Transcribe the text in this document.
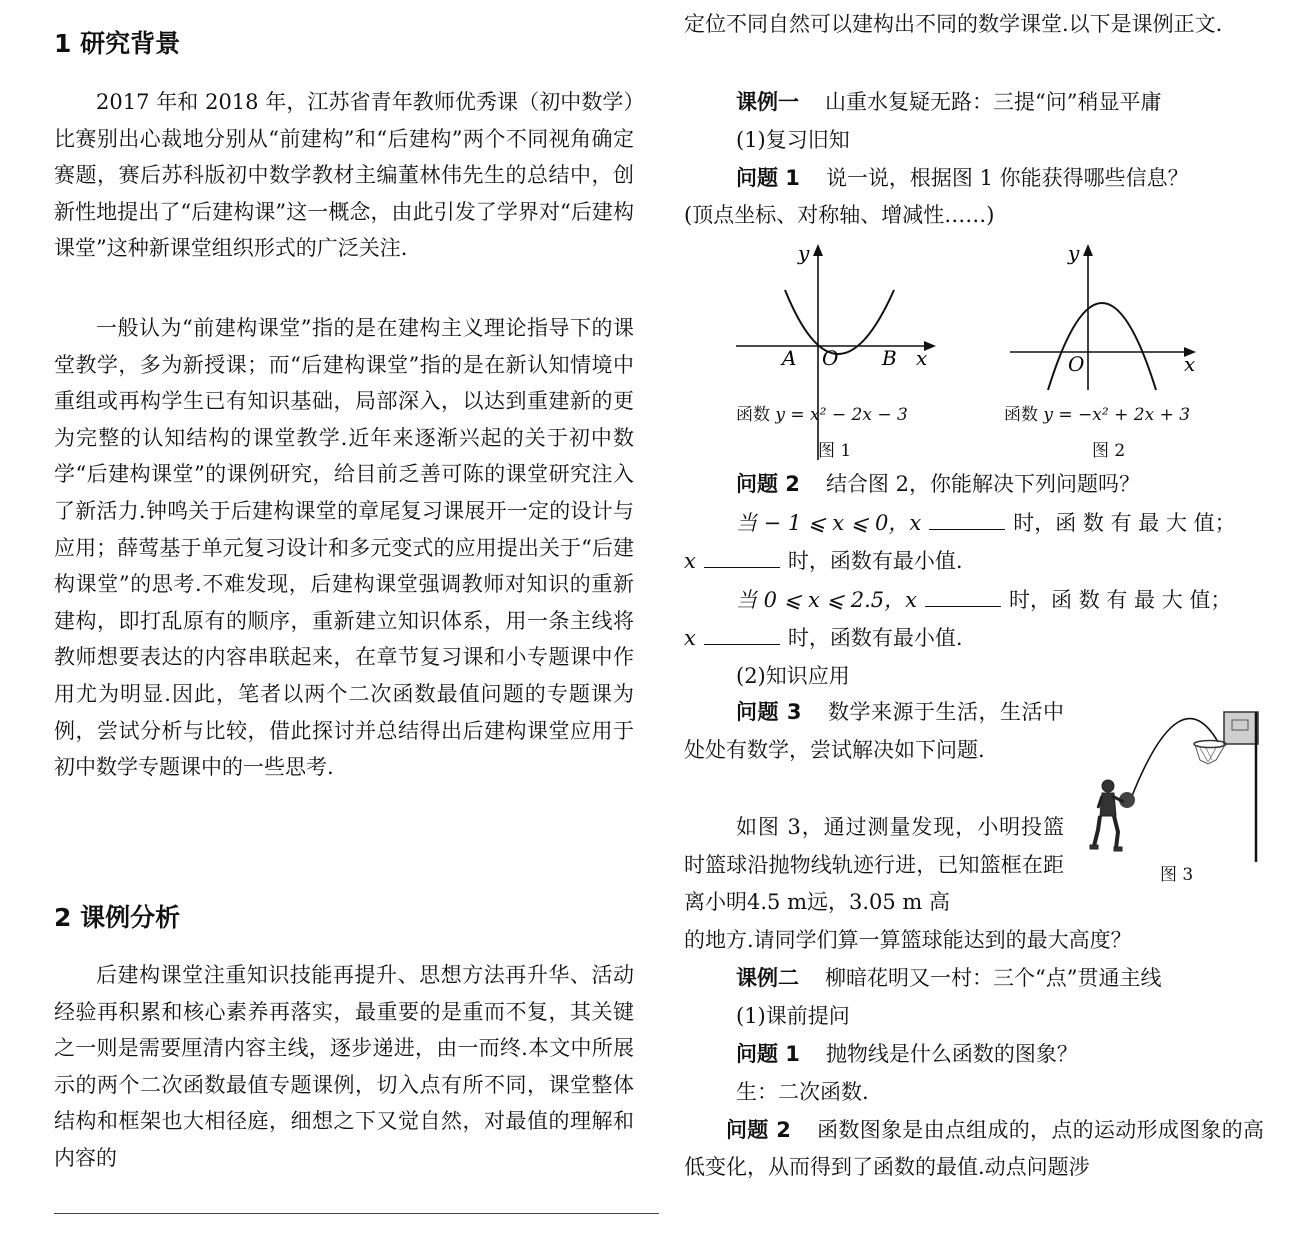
1 研究背景

2017 年和 2018 年，江苏省青年教师优秀课（初中数学）比赛别出心裁地分别从“前建构”和“后建构”两个不同视角确定赛题，赛后苏科版初中数学教材主编董林伟先生的总结中，创新性地提出了“后建构课”这一概念，由此引发了学界对“后建构课堂”这种新课堂组织形式的广泛关注.

一般认为“前建构课堂”指的是在建构主义理论指导下的课堂教学，多为新授课；而“后建构课堂”指的是在新认知情境中重组或再构学生已有知识基础，局部深入，以达到重建新的更为完整的认知结构的课堂教学.近年来逐渐兴起的关于初中数学“后建构课堂”的课例研究，给目前乏善可陈的课堂研究注入了新活力.钟鸣关于后建构课堂的章尾复习课展开一定的设计与应用；薛莺基于单元复习设计和多元变式的应用提出关于“后建构课堂”的思考.不难发现，后建构课堂强调教师对知识的重新建构，即打乱原有的顺序，重新建立知识体系，用一条主线将教师想要表达的内容串联起来，在章节复习课和小专题课中作用尤为明显.因此，笔者以两个二次函数最值问题的专题课为例，尝试分析与比较，借此探讨并总结得出后建构课堂应用于初中数学专题课中的一些思考.

2 课例分析

后建构课堂注重知识技能再提升、思想方法再升华、活动经验再积累和核心素养再落实，最重要的是重而不复，其关键之一则是需要厘清内容主线，逐步递进，由一而终.本文中所展示的两个二次函数最值专题课例，切入点有所不同，课堂整体结构和框架也大相径庭，细想之下又觉自然，对最值的理解和内容的

定位不同自然可以建构出不同的数学课堂.以下是课例正文.

课例一 山重水复疑无路：三提“问”稍显平庸
(1)复习旧知
问题 1 说一说，根据图 1 你能获得哪些信息？
(顶点坐标、对称轴、增减性……)
y
x
A O B
函数 y = x² − 2x − 3
图 1
y
x
O
函数 y = −x² + 2x + 3
图 2
问题 2 结合图 2，你能解决下列问题吗？
当 − 1 ⩽ x ⩽ 0，x	时，函 数 有 最 大 值；
x	时，函数有最小值.
当 0 ⩽ x ⩽ 2.5，x	时，函 数 有 最 大 值；
x	时，函数有最小值.
(2)知识应用

问题 3 数学来源于生活，生活中处处有数学，尝试解决如下问题.

如图 3，通过测量发现，小明投篮时篮球沿抛物线轨迹行进，已知篮框在距离小明4.5 m远，3.05 m 高

的地方.请同学们算一算篮球能达到的最大高度？
图 3
课例二 柳暗花明又一村：三个“点”贯通主线
(1)课前提问
问题 1 抛物线是什么函数的图象？
生：二次函数.

问题 2 函数图象是由点组成的，点的运动形成图象的高低变化，从而得到了函数的最值.动点问题涉
